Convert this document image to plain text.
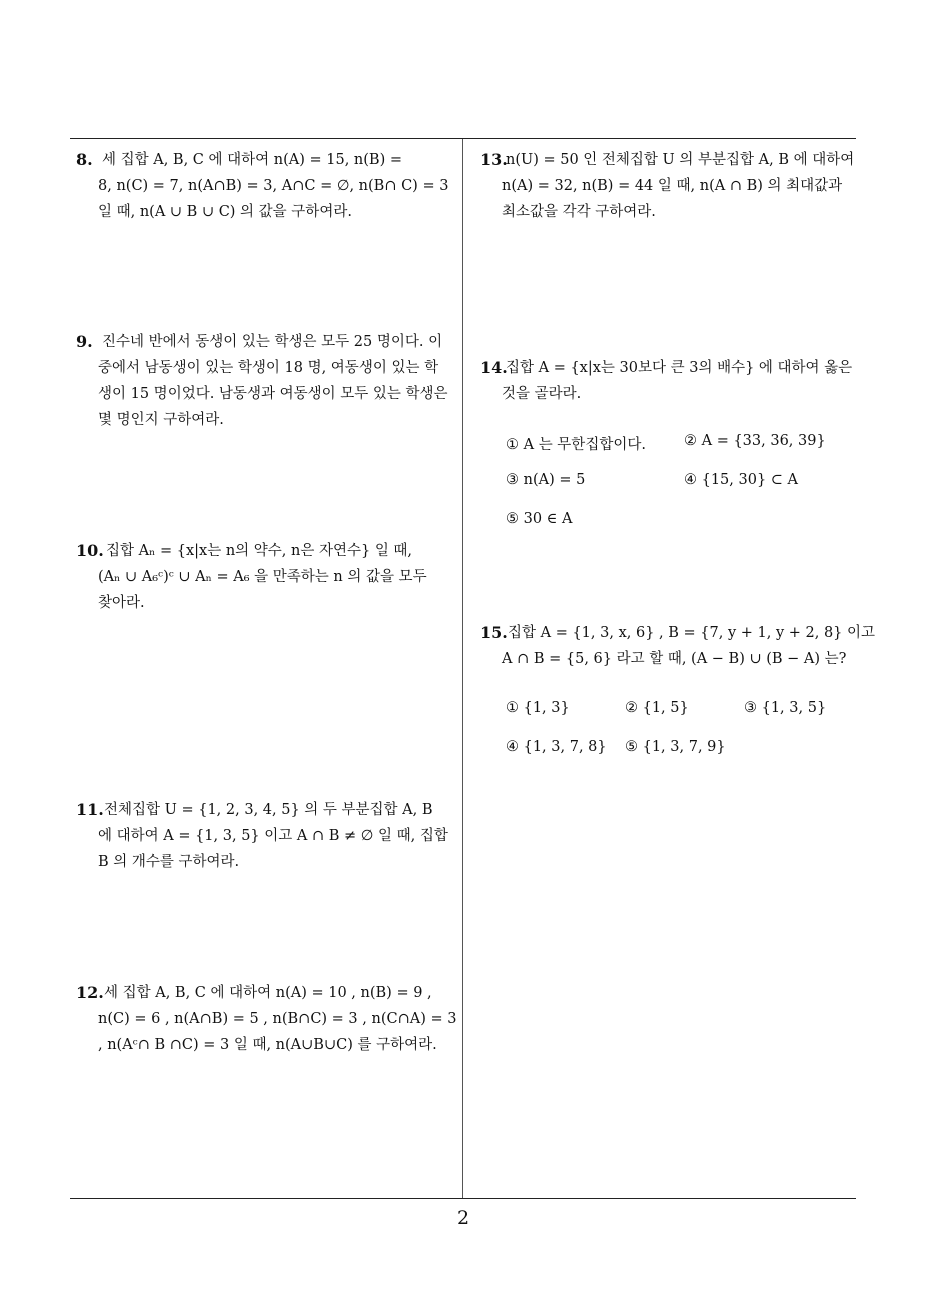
8. 세 집합 A, B, C 에 대하여 n(A) = 15, n(B) =
8, n(C) = 7, n(A∩B) = 3, A∩C = ∅, n(B∩ C) = 3
일 때, n(A ∪ B ∪ C) 의 값을 구하여라.
9. 진수네 반에서 동생이 있는 학생은 모두 25 명이다. 이
중에서 남동생이 있는 학생이 18 명, 여동생이 있는 학
생이 15 명이었다. 남동생과 여동생이 모두 있는 학생은
몇 명인지 구하여라.
10. 집합 Aₙ = {x|x는 n의 약수, n은 자연수} 일 때,
(Aₙ ∪ A₆ᶜ)ᶜ ∪ Aₙ = A₆ 을 만족하는 n 의 값을 모두
찾아라.
11. 전체집합 U = {1, 2, 3, 4, 5} 의 두 부분집합 A, B
에 대하여 A = {1, 3, 5} 이고 A ∩ B ≠ ∅ 일 때, 집합
B 의 개수를 구하여라.
12. 세 집합 A, B, C 에 대하여 n(A) = 10 , n(B) = 9 ,
n(C) = 6 , n(A∩B) = 5 , n(B∩C) = 3 , n(C∩A) = 3
, n(Aᶜ∩ B ∩C) = 3 일 때, n(A∪B∪C) 를 구하여라.
13.
n(U) = 50 인 전체집합 U 의 부분집합 A, B 에 대하여
n(A) = 32, n(B) = 44 일 때, n(A ∩ B) 의 최대값과
최소값을 각각 구하여라.
14.
집합 A = {x|x는 30보다 큰 3의 배수} 에 대하여 옳은
것을 골라라.
① A 는 무한집합이다.	② A = {33, 36, 39}
③ n(A) = 5	④ {15, 30} ⊂ A
⑤ 30 ∈ A
15. 집합 A = {1, 3, x, 6} , B = {7, y + 1, y + 2, 8} 이고
A ∩ B = {5, 6} 라고 할 때, (A − B) ∪ (B − A) 는?
① {1, 3}	② {1, 5}	③ {1, 3, 5}
④ {1, 3, 7, 8} ⑤ {1, 3, 7, 9}
2
